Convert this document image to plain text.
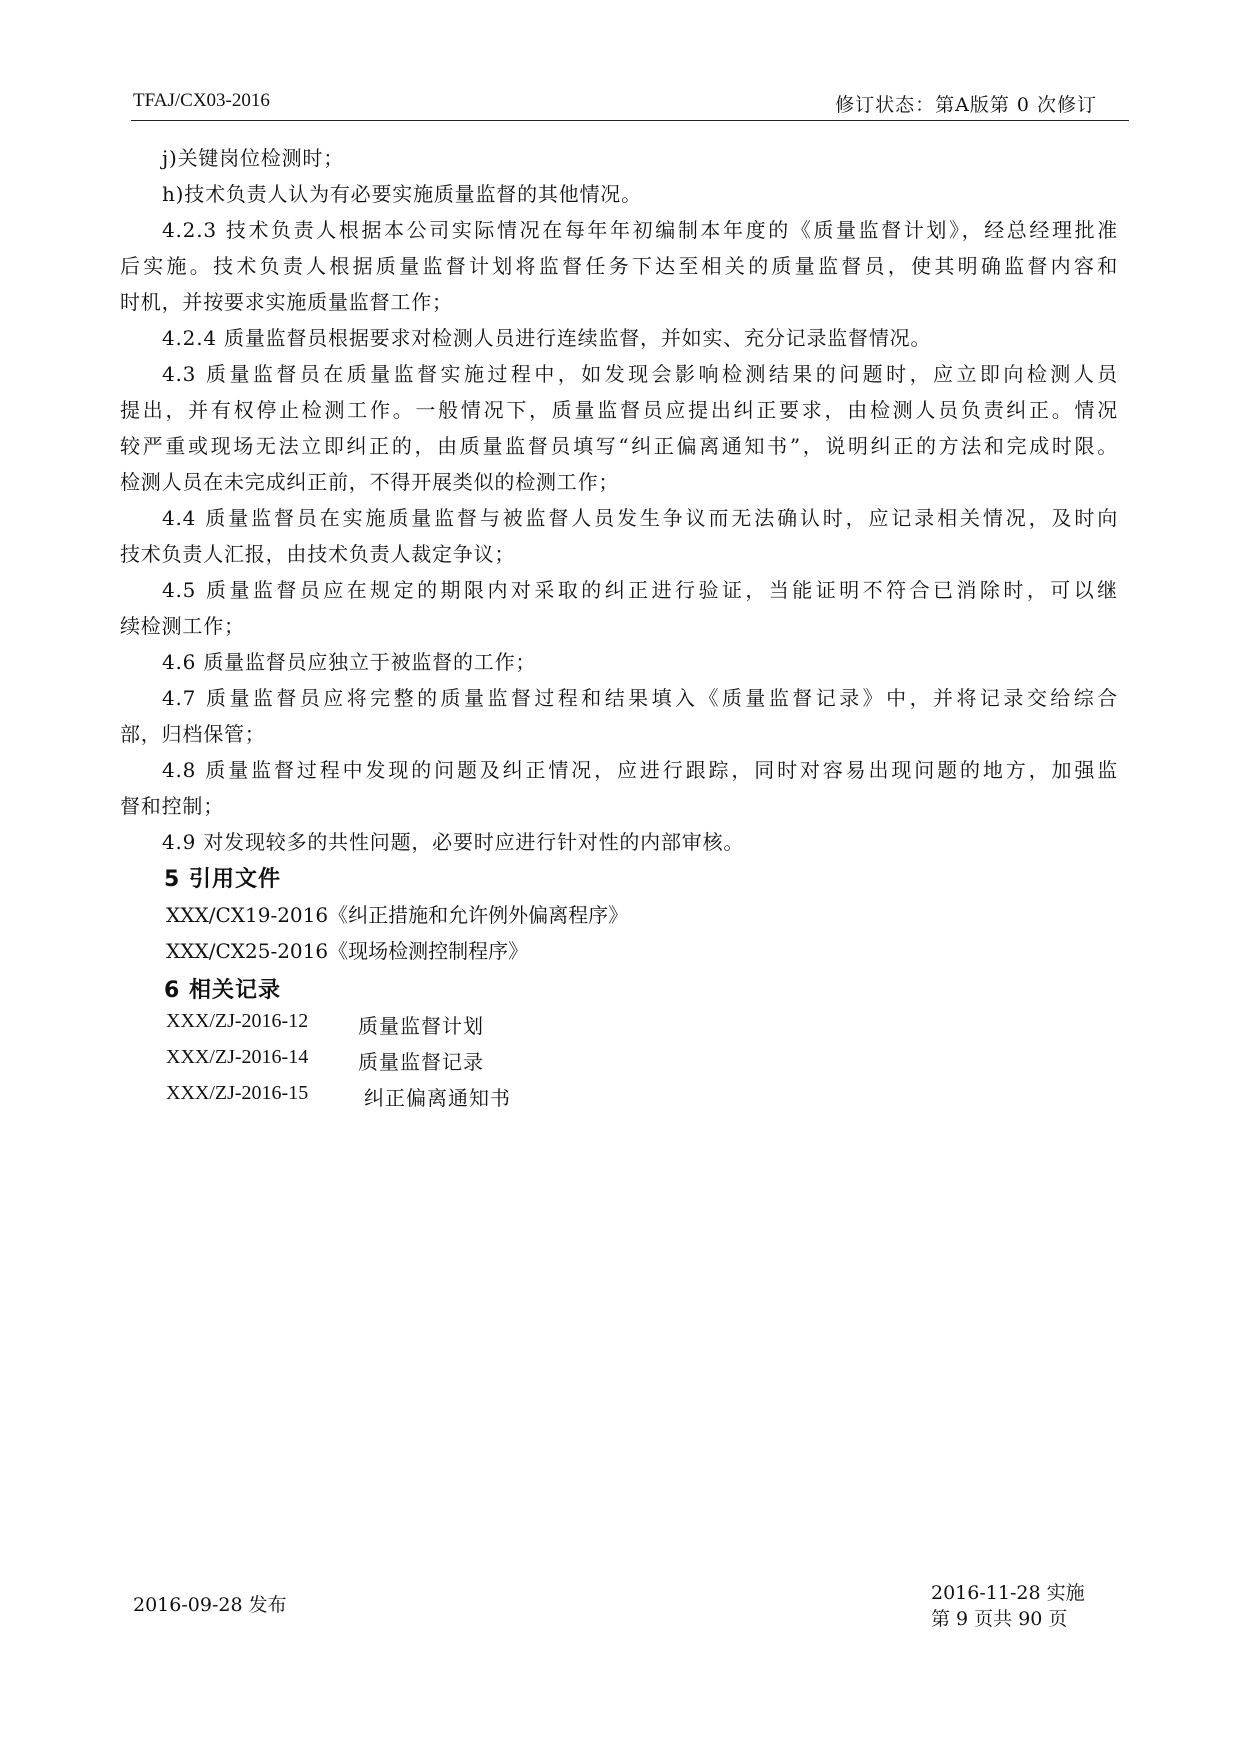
TFAJ/CX03-2016	修订状态：第A版第 0 次修订
j)关键岗位检测时；
h)技术负责人认为有必要实施质量监督的其他情况。
4.2.3 技术负责人根据本公司实际情况在每年年初编制本年度的《质量监督计划》，经总经理批准
后实施。技术负责人根据质量监督计划将监督任务下达至相关的质量监督员，使其明确监督内容和
时机，并按要求实施质量监督工作；
4.2.4 质量监督员根据要求对检测人员进行连续监督，并如实、充分记录监督情况。
4.3 质量监督员在质量监督实施过程中，如发现会影响检测结果的问题时，应立即向检测人员
提出，并有权停止检测工作。一般情况下，质量监督员应提出纠正要求，由检测人员负责纠正。情况
较严重或现场无法立即纠正的，由质量监督员填写“纠正偏离通知书”，说明纠正的方法和完成时限。
检测人员在未完成纠正前，不得开展类似的检测工作；
4.4 质量监督员在实施质量监督与被监督人员发生争议而无法确认时，应记录相关情况，及时向
技术负责人汇报，由技术负责人裁定争议；
4.5 质量监督员应在规定的期限内对采取的纠正进行验证，当能证明不符合已消除时，可以继
续检测工作；
4.6 质量监督员应独立于被监督的工作；
4.7 质量监督员应将完整的质量监督过程和结果填入《质量监督记录》中，并将记录交给综合
部，归档保管；
4.8 质量监督过程中发现的问题及纠正情况，应进行跟踪，同时对容易出现问题的地方，加强监
督和控制；
4.9 对发现较多的共性问题，必要时应进行针对性的内部审核。
5 引用文件
XXX/CX19-2016《纠正措施和允许例外偏离程序》
XXX/CX25-2016《现场检测控制程序》
6 相关记录
XXX/ZJ-2016-12 质量监督计划
XXX/ZJ-2016-14 质量监督记录
XXX/ZJ-2016-15	纠正偏离通知书
2016-09-28 发布
2016-11-28 实施
第 9 页共 90 页
